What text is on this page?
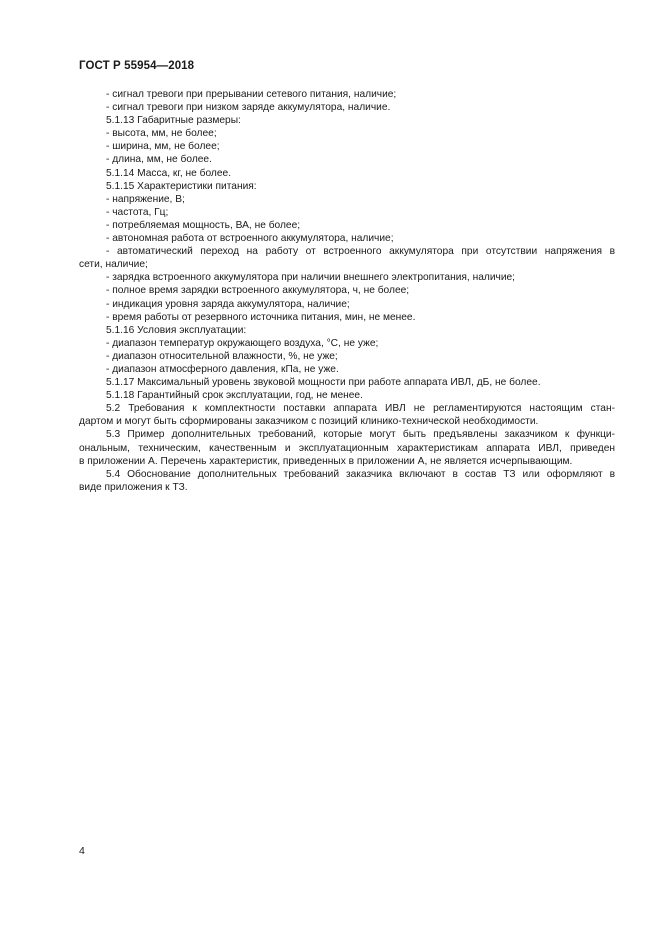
ГОСТ Р 55954—2018
- сигнал тревоги при прерывании сетевого питания, наличие;
- сигнал тревоги при низком заряде аккумулятора, наличие.
5.1.13 Габаритные размеры:
- высота, мм, не более;
- ширина, мм, не более;
- длина, мм, не более.
5.1.14 Масса, кг, не более.
5.1.15 Характеристики питания:
- напряжение, В;
- частота, Гц;
- потребляемая мощность, ВА, не более;
- автономная работа от встроенного аккумулятора, наличие;
- автоматический переход на работу от встроенного аккумулятора при отсутствии напряжения в
сети, наличие;
- зарядка встроенного аккумулятора при наличии внешнего электропитания, наличие;
- полное время зарядки встроенного аккумулятора, ч, не более;
- индикация уровня заряда аккумулятора, наличие;
- время работы от резервного источника питания, мин, не менее.
5.1.16 Условия эксплуатации:
- диапазон температур окружающего воздуха, °С, не уже;
- диапазон относительной влажности, %, не уже;
- диапазон атмосферного давления, кПа, не уже.
5.1.17 Максимальный уровень звуковой мощности при работе аппарата ИВЛ, дБ, не более.
5.1.18 Гарантийный срок эксплуатации, год, не менее.
5.2 Требования к комплектности поставки аппарата ИВЛ не регламентируются настоящим стан-
дартом и могут быть сформированы заказчиком с позиций клинико-технической необходимости.
5.3 Пример дополнительных требований, которые могут быть предъявлены заказчиком к функци-
ональным, техническим, качественным и эксплуатационным характеристикам аппарата ИВЛ, приведен
в приложении А. Перечень характеристик, приведенных в приложении А, не является исчерпывающим.
5.4 Обоснование дополнительных требований заказчика включают в состав ТЗ или оформляют в
виде приложения к ТЗ.
4
